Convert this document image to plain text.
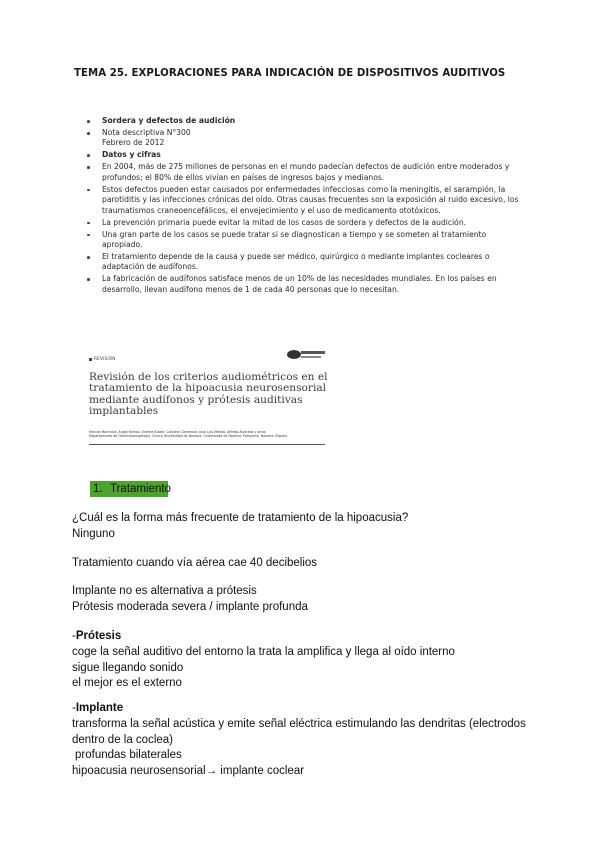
TEMA 25. EXPLORACIONES PARA INDICACIÓN DE DISPOSITIVOS AUDITIVOS
Sordera y defectos de audición
Nota descriptiva N°300
Febrero de 2012
Datos y cifras
En 2004, más de 275 millones de personas en el mundo padecían defectos de audición entre moderados y profundos; el 80% de ellos vivían en países de ingresos bajos y medianos.
Estos defectos pueden estar causados por enfermedades infecciosas como la meningitis, el sarampión, la parotiditis y las infecciones crónicas del oído. Otras causas frecuentes son la exposición al ruido excesivo, los traumatismos craneoencefálicos, el envejecimiento y el uso de medicamento ototóxicos.
La prevención primaria puede evitar la mitad de los casos de sordera y defectos de la audición.
Una gran parte de los casos se puede tratar si se diagnostican a tiempo y se someten al tratamiento apropiado.
El tratamiento depende de la causa y puede ser médico, quirúrgico o mediante implantes cocleares o adaptación de audífonos.
La fabricación de audífonos satisface menos de un 10% de las necesidades mundiales. En los países en desarrollo, llevan audífono menos de 1 de cada 40 personas que lo necesitan.
REVISIÓN
Revisión de los criterios audiométricos en el tratamiento de la hipoacusia neurosensorial mediante audífonos y prótesis auditivas implantables
Manuel Manrique, Ángel Ramos, Vicente Alzate, Carolina Claramunt, José Luis Mérida, Alfredo Alvarado y otros
Departamento de Otorrinolaringología, Clínica Universidad de Navarra, Universidad de Navarra, Pamplona, Navarra, España
1. Tratamiento
¿Cuál es la forma más frecuente de tratamiento de la hipoacusia?
Ninguno
Tratamiento cuando vía aérea cae 40 decibelios
Implante no es alternativa a prótesis
Prótesis moderada severa / implante profunda
-Prótesis
coge la señal auditivo del entorno la trata la amplifica y llega al oído interno
sigue llegando sonido
el mejor es el externo
-Implante
transforma la señal acústica y emite señal eléctrica estimulando las dendritas (electrodos dentro de la coclea)
profundas bilaterales
hipoacusia neurosensorial→ implante coclear
